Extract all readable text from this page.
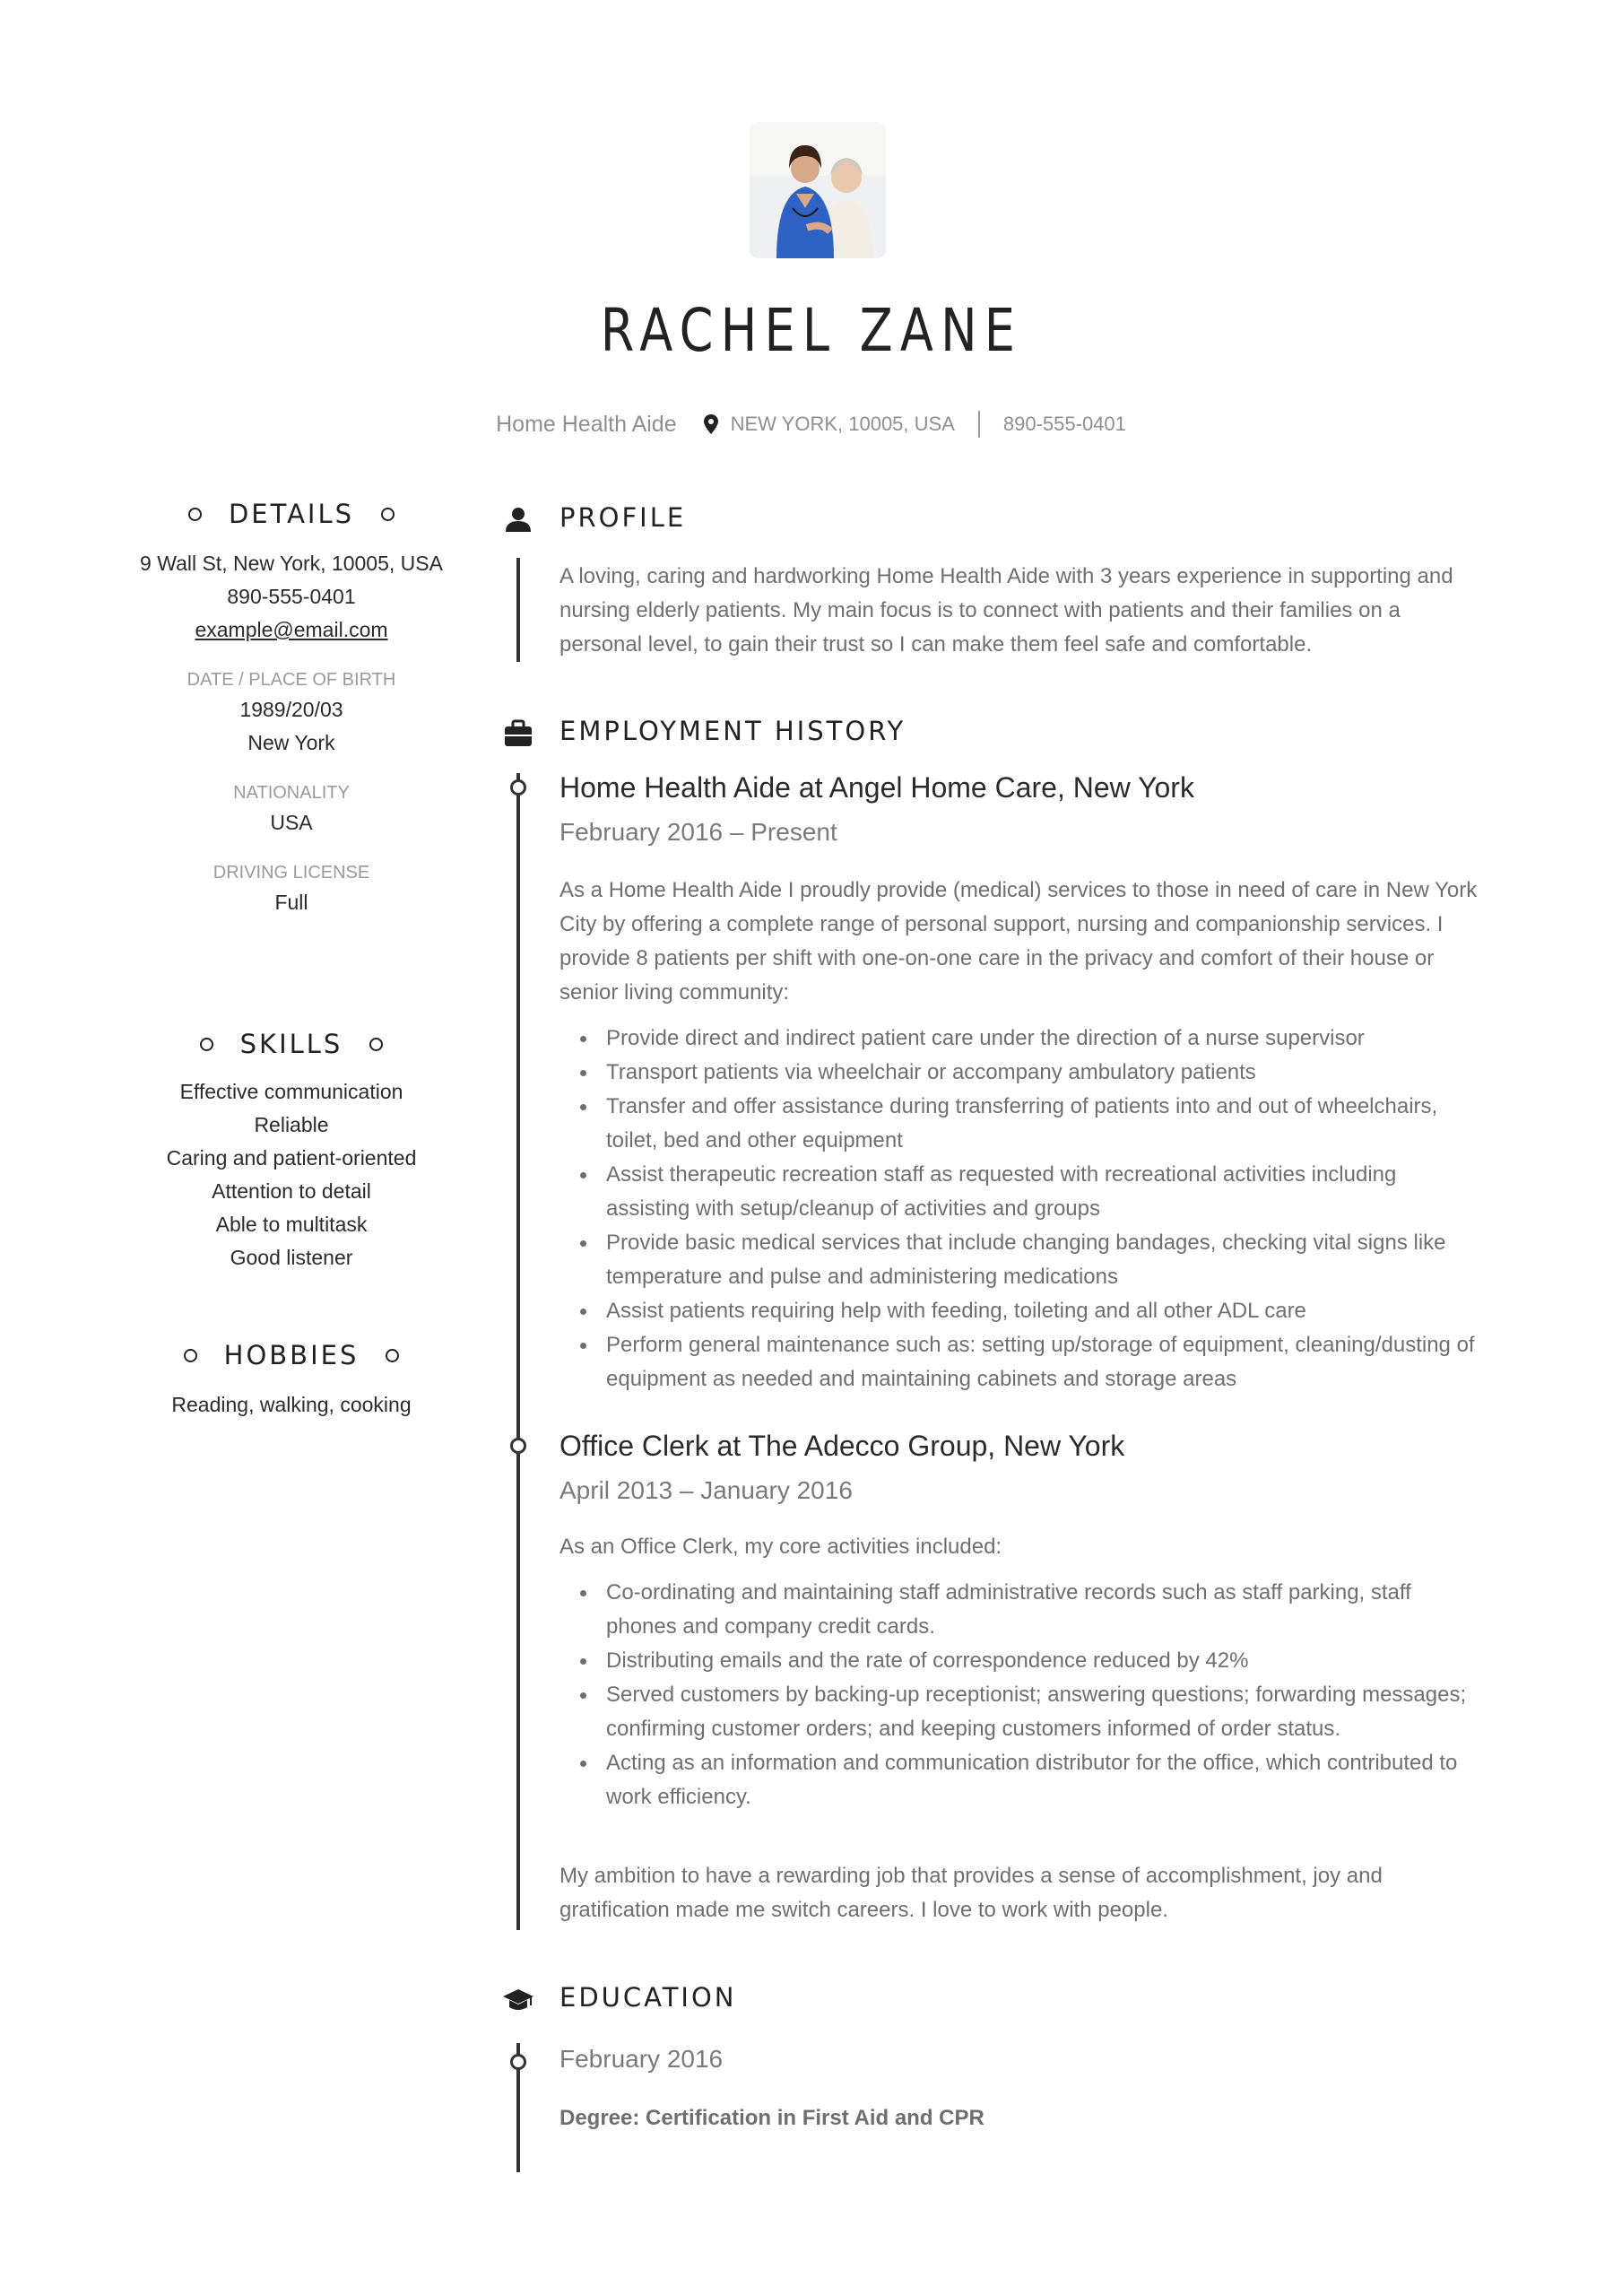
RACHEL ZANE
Home Health Aide	NEW YORK, 10005, USA 890-555-0401
DETAILS
9 Wall St, New York, 10005, USA
890-555-0401
example@email.com
DATE / PLACE OF BIRTH
1989/20/03
New York
NATIONALITY
USA
DRIVING LICENSE
Full
SKILLS
Effective communication
Reliable
Caring and patient-oriented
Attention to detail
Able to multitask
Good listener
HOBBIES
Reading, walking, cooking
PROFILE
A loving, caring and hardworking Home Health Aide with 3 years experience in supporting and nursing elderly patients. My main focus is to connect with patients and their families on a personal level, to gain their trust so I can make them feel safe and comfortable.
EMPLOYMENT HISTORY
Home Health Aide at Angel Home Care, New York
February 2016 – Present
As a Home Health Aide I proudly provide (medical) services to those in need of care in New York City by offering a complete range of personal support, nursing and companionship services. I provide 8 patients per shift with one-on-one care in the privacy and comfort of their house or senior living community:
Provide direct and indirect patient care under the direction of a nurse supervisor
Transport patients via wheelchair or accompany ambulatory patients
Transfer and offer assistance during transferring of patients into and out of wheelchairs, toilet, bed and other equipment
Assist therapeutic recreation staff as requested with recreational activities including assisting with setup/cleanup of activities and groups
Provide basic medical services that include changing bandages, checking vital signs like temperature and pulse and administering medications
Assist patients requiring help with feeding, toileting and all other ADL care
Perform general maintenance such as: setting up/storage of equipment, cleaning/dusting of equipment as needed and maintaining cabinets and storage areas
Office Clerk at The Adecco Group, New York
April 2013 – January 2016
As an Office Clerk, my core activities included:
Co-ordinating and maintaining staff administrative records such as staff parking, staff phones and company credit cards.
Distributing emails and the rate of correspondence reduced by 42%
Served customers by backing-up receptionist; answering questions; forwarding messages; confirming customer orders; and keeping customers informed of order status.
Acting as an information and communication distributor for the office, which contributed to work efficiency.
My ambition to have a rewarding job that provides a sense of accomplishment, joy and gratification made me switch careers. I love to work with people.
EDUCATION
February 2016
Degree: Certification in First Aid and CPR
